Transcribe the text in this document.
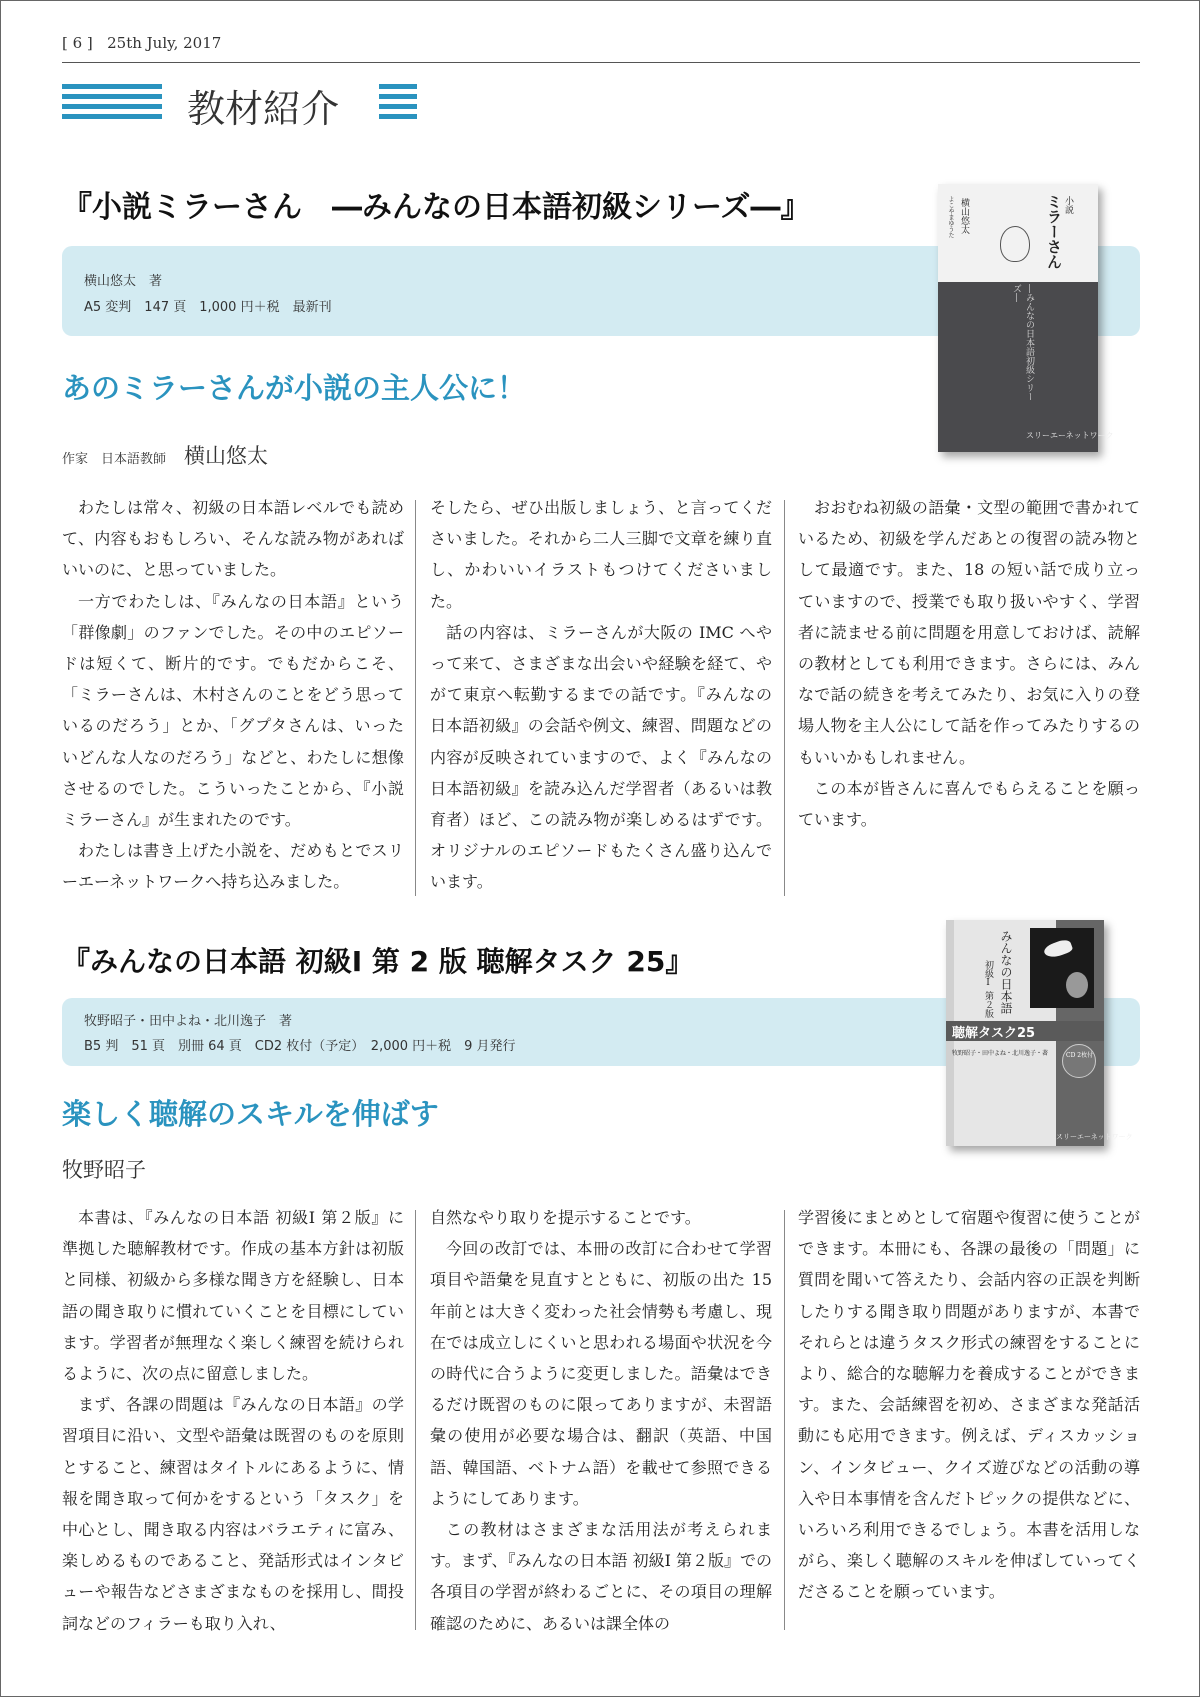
[ 6 ] 25th July, 2017
教材紹介
『小説ミラーさん　―みんなの日本語初級シリーズ―』
横山悠太　著
A5 変判　147 頁　1,000 円＋税　最新刊
小説
ミラーさん
横山悠太
よこやまゆうた
―みんなの日本語初級シリーズ―
スリーエーネットワーク
あのミラーさんが小説の主人公に！
作家　日本語教師 横山悠太

わたしは常々、初級の日本語レベルでも読めて、内容もおもしろい、そんな読み物があればいいのに、と思っていました。

一方でわたしは、『みんなの日本語』という「群像劇」のファンでした。その中のエピソードは短くて、断片的です。でもだからこそ、「ミラーさんは、木村さんのことをどう思っているのだろう」とか、「グプタさんは、いったいどんな人なのだろう」などと、わたしに想像させるのでした。こういったことから、『小説ミラーさん』が生まれたのです。

わたしは書き上げた小説を、だめもとでスリーエーネットワークへ持ち込みました。

そしたら、ぜひ出版しましょう、と言ってくださいました。それから二人三脚で文章を練り直し、かわいいイラストもつけてくださいました。

話の内容は、ミラーさんが大阪の IMC へやって来て、さまざまな出会いや経験を経て、やがて東京へ転勤するまでの話です。『みんなの日本語初級』の会話や例文、練習、問題などの内容が反映されていますので、よく『みんなの日本語初級』を読み込んだ学習者（あるいは教育者）ほど、この読み物が楽しめるはずです。オリジナルのエピソードもたくさん盛り込んでいます。

おおむね初級の語彙・文型の範囲で書かれているため、初級を学んだあとの復習の読み物として最適です。また、18 の短い話で成り立っていますので、授業でも取り扱いやすく、学習者に読ませる前に問題を用意しておけば、読解の教材としても利用できます。さらには、みんなで話の続きを考えてみたり、お気に入りの登場人物を主人公にして話を作ってみたりするのもいいかもしれません。

この本が皆さんに喜んでもらえることを願っています。

『みんなの日本語 初級Ⅰ 第 2 版 聴解タスク 25』
牧野昭子・田中よね・北川逸子　著
B5 判　51 頁　別冊 64 頁　CD2 枚付（予定）　2,000 円＋税　9 月発行
みんなの日本語
初級Ⅰ 第２版
聴解タスク25
牧野昭子・田中よね・北川逸子・著	CD 2枚付
スリーエーネットワーク
楽しく聴解のスキルを伸ばす
牧野昭子

本書は、『みんなの日本語 初級Ⅰ 第２版』に準拠した聴解教材です。作成の基本方針は初版と同様、初級から多様な聞き方を経験し、日本語の聞き取りに慣れていくことを目標にしています。学習者が無理なく楽しく練習を続けられるように、次の点に留意しました。

まず、各課の問題は『みんなの日本語』の学習項目に沿い、文型や語彙は既習のものを原則とすること、練習はタイトルにあるように、情報を聞き取って何かをするという「タスク」を中心とし、聞き取る内容はバラエティに富み、楽しめるものであること、発話形式はインタビューや報告などさまざまなものを採用し、間投詞などのフィラーも取り入れ、

自然なやり取りを提示することです。

今回の改訂では、本冊の改訂に合わせて学習項目や語彙を見直すとともに、初版の出た 15 年前とは大きく変わった社会情勢も考慮し、現在では成立しにくいと思われる場面や状況を今の時代に合うように変更しました。語彙はできるだけ既習のものに限ってありますが、未習語彙の使用が必要な場合は、翻訳（英語、中国語、韓国語、ベトナム語）を載せて参照できるようにしてあります。

この教材はさまざまな活用法が考えられます。まず、『みんなの日本語 初級Ⅰ 第２版』での各項目の学習が終わるごとに、その項目の理解確認のために、あるいは課全体の

学習後にまとめとして宿題や復習に使うことができます。本冊にも、各課の最後の「問題」に質問を聞いて答えたり、会話内容の正誤を判断したりする聞き取り問題がありますが、本書でそれらとは違うタスク形式の練習をすることにより、総合的な聴解力を養成することができます。また、会話練習を初め、さまざまな発話活動にも応用できます。例えば、ディスカッション、インタビュー、クイズ遊びなどの活動の導入や日本事情を含んだトピックの提供などに、いろいろ利用できるでしょう。本書を活用しながら、楽しく聴解のスキルを伸ばしていってくださることを願っています。
